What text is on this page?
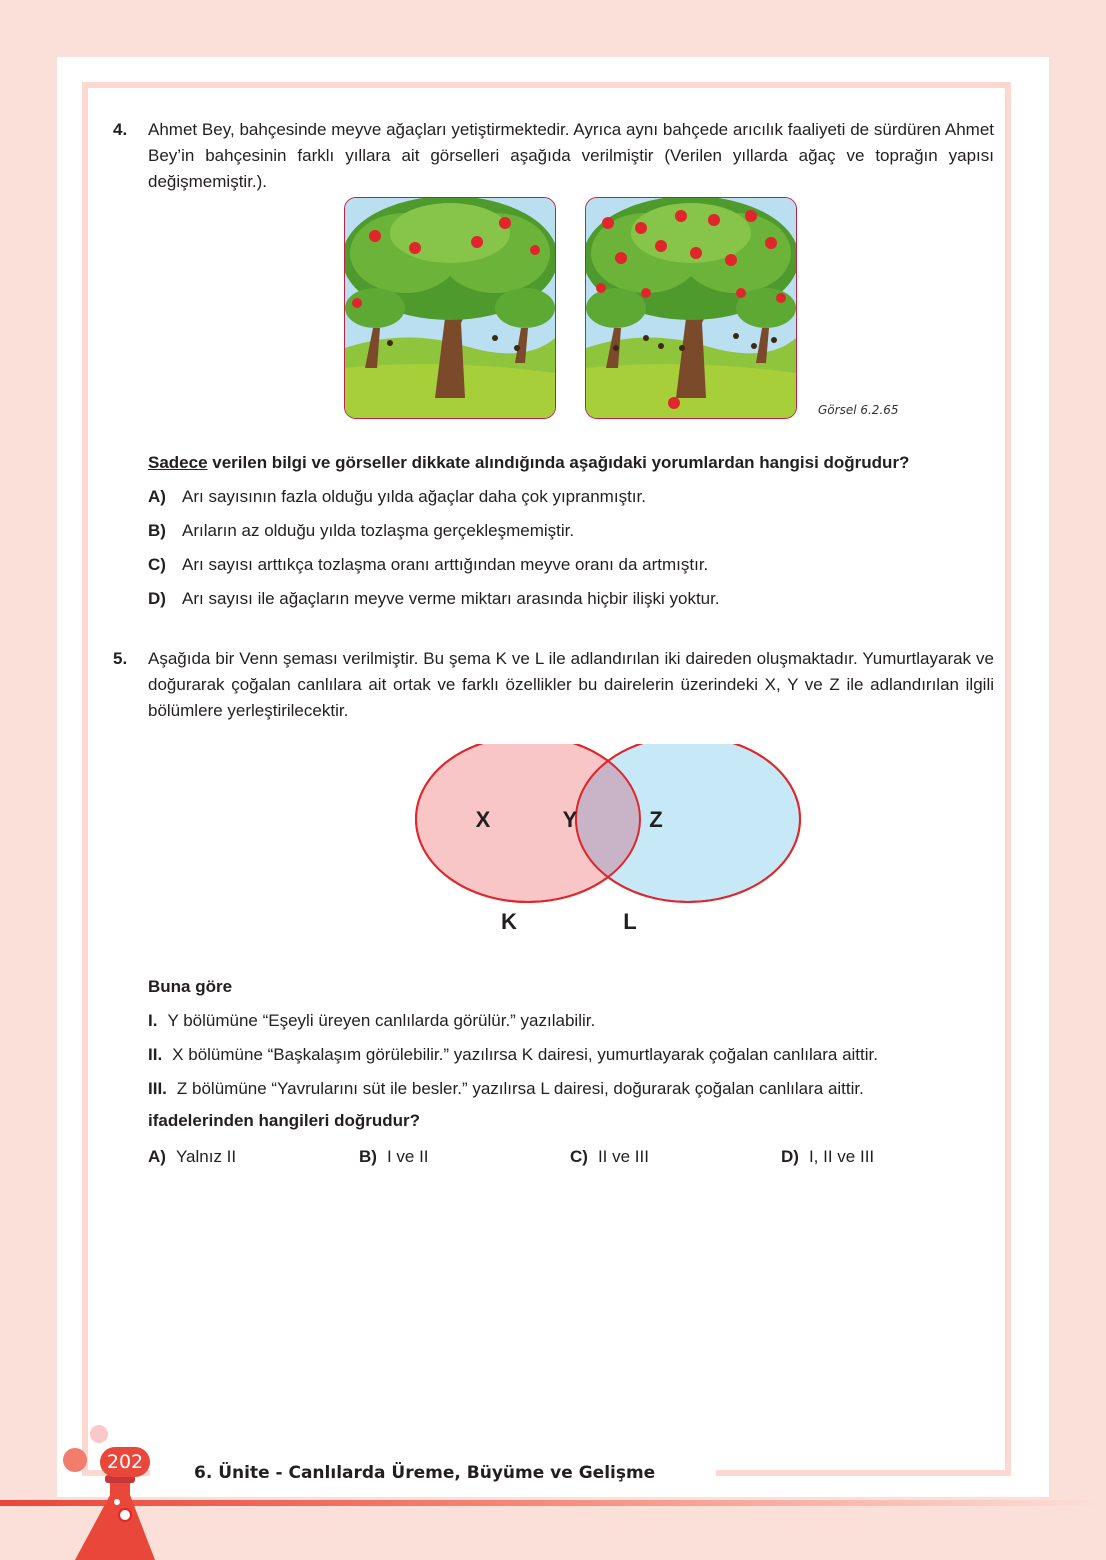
4. Ahmet Bey, bahçesinde meyve ağaçları yetiştirmektedir. Ayrıca aynı bahçede arıcılık faaliyeti de sürdüren Ahmet Bey’in bahçesinin farklı yıllara ait görselleri aşağıda verilmiştir (Verilen yıllarda ağaç ve toprağın yapısı değişmemiştir.).
Görsel 6.2.65
Sadece verilen bilgi ve görseller dikkate alındığında aşağıdaki yorumlardan hangisi doğrudur?
A) Arı sayısının fazla olduğu yılda ağaçlar daha çok yıpranmıştır.
B) Arıların az olduğu yılda tozlaşma gerçekleşmemiştir.
C) Arı sayısı arttıkça tozlaşma oranı arttığından meyve oranı da artmıştır.
D) Arı sayısı ile ağaçların meyve verme miktarı arasında hiçbir ilişki yoktur.
5. Aşağıda bir Venn şeması verilmiştir. Bu şema K ve L ile adlandırılan iki daireden oluşmaktadır. Yumurtlayarak ve doğurarak çoğalan canlılara ait ortak ve farklı özellikler bu dairelerin üzerindeki X, Y ve Z ile adlandırılan ilgili bölümlere yerleştirilecektir.
X	Y	Z
K	L
Buna göre
I. Y bölümüne “Eşeyli üreyen canlılarda görülür.” yazılabilir.
II. X bölümüne “Başkalaşım görülebilir.” yazılırsa K dairesi, yumurtlayarak çoğalan canlılara aittir.
III. Z bölümüne “Yavrularını süt ile besler.” yazılırsa L dairesi, doğurarak çoğalan canlılara aittir.
ifadelerinden hangileri doğrudur?
A) Yalnız II	B) I ve II	C) II ve III	D) I, II ve III
202	6. Ünite - Canlılarda Üreme, Büyüme ve Gelişme
